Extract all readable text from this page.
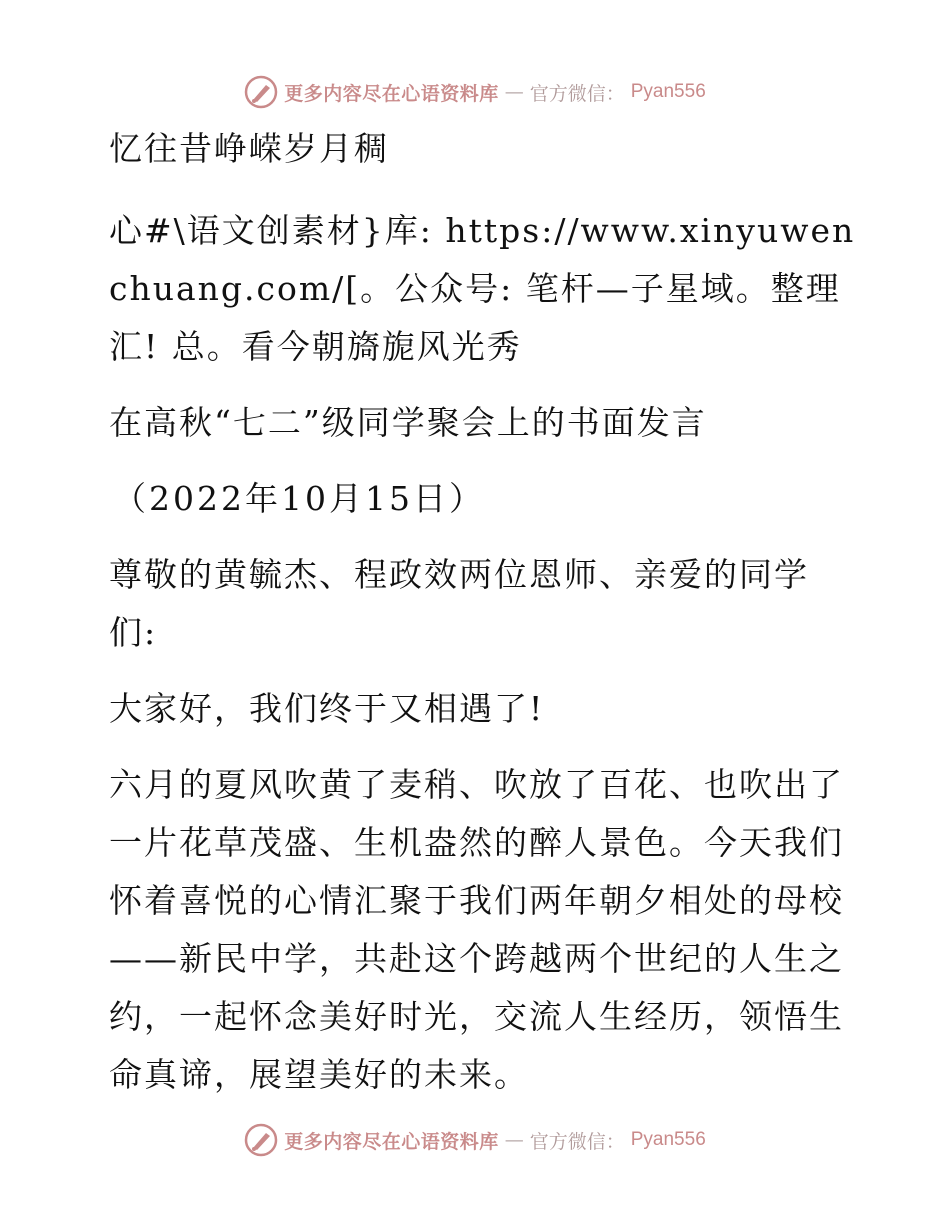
更多内容尽在心语资料库 — 官方微信： Pyan556
忆往昔峥嵘岁月稠
心#\语文创素材}库: https://www.xinyuwenchuang.com/[。公众号: 笔杆—子星域。整理汇! 总。看今朝旖旎风光秀
在高秋“七二”级同学聚会上的书面发言
（2022年10月15日）
尊敬的黄毓杰、程政效两位恩师、亲爱的同学们:
大家好，我们终于又相遇了!
六月的夏风吹黄了麦稍、吹放了百花、也吹出了一片花草茂盛、生机盎然的醉人景色。今天我们怀着喜悦的心情汇聚于我们两年朝夕相处的母校——新民中学，共赴这个跨越两个世纪的人生之约，一起怀念美好时光，交流人生经历，领悟生命真谛，展望美好的未来。
更多内容尽在心语资料库 — 官方微信： Pyan556
